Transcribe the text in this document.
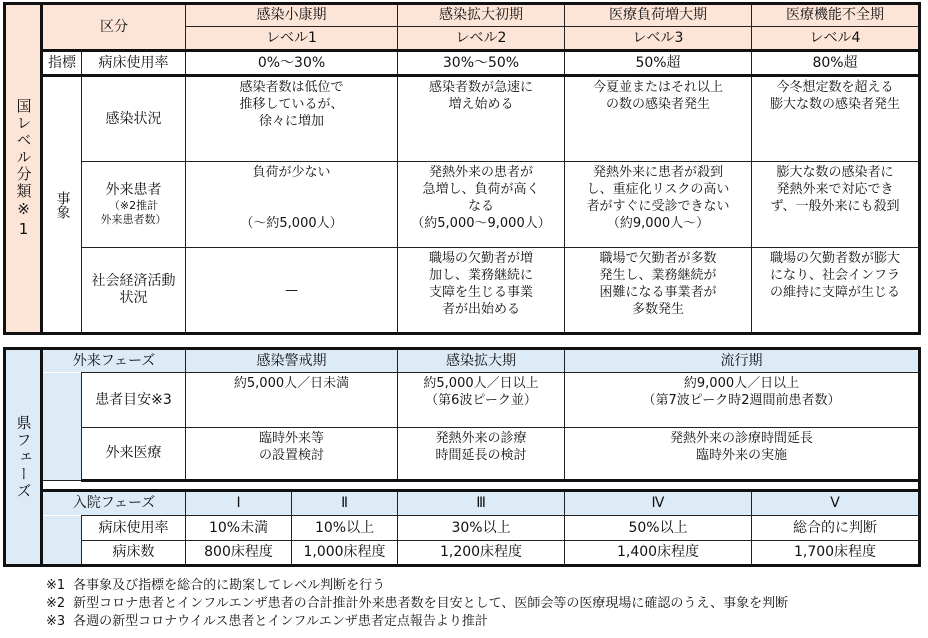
国レベル分類※1	区分		感染小康期	感染拡大初期	医療負荷増大期	医療機能不全期
			レベル1	レベル2	レベル3	レベル4
	指標	病床使用率	0%～30%	30%～50%	50%超	80%超
	事象	感染状況	感染者数は低位で
推移しているが、
徐々に増加	感染者数が急速に
増え始める	今夏並またはそれ以上
の数の感染者発生	今冬想定数を超える
膨大な数の感染者発生
		外来患者
（※2推計
外来患者数）	負荷が少ない

（～約5,000人）	発熱外来の患者が
急増し、負荷が高く
なる
（約5,000～9,000人）	発熱外来に患者が殺到
し、重症化リスクの高い
者がすぐに受診できない
（約9,000人～）	膨大な数の感染者に
発熱外来で対応でき
ず、一般外来にも殺到
		社会経済活動
状況	—	職場の欠勤者が増
加し、業務継続に
支障を生じる事業
者が出始める	職場で欠勤者が多数
発生し、業務継続が
困難になる事業者が
多数発生	職場の欠勤者数が膨大
になり、社会インフラ
の維持に支障が生じる
県フェーズ	外来フェーズ		感染警戒期		感染拡大期	流行期	
		患者目安※3	約5,000人／日未満		約5,000人／日以上
（第6波ピーク並）	約9,000人／日以上
（第7波ピーク時2週間前患者数）	
		外来医療	臨時外来等
の設置検討		発熱外来の診療
時間延長の検討	発熱外来の診療時間延長
臨時外来の実施	

	入院フェーズ		Ⅰ	Ⅱ	Ⅲ	Ⅳ	Ⅴ
		病床使用率	10%未満	10%以上	30%以上	50%以上	総合的に判断
		病床数	800床程度	1,000床程度	1,200床程度	1,400床程度	1,700床程度
※1 各事象及び指標を総合的に勘案してレベル判断を行う
※2 新型コロナ患者とインフルエンザ患者の合計推計外来患者数を目安として、医師会等の医療現場に確認のうえ、事象を判断
※3 各週の新型コロナウイルス患者とインフルエンザ患者定点報告より推計
